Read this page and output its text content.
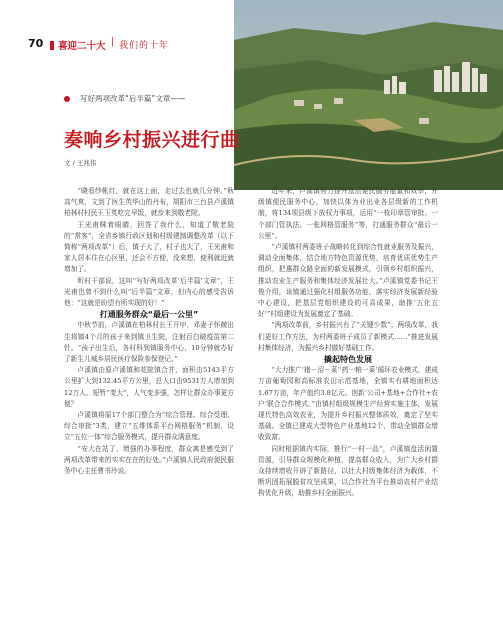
70 喜迎二十大 | 我们的十年
写好两项改革“后半篇”文章——
奏响乡村振兴进行曲
文 / 王兆伟

“晓看纱帐红，就在这上面，走过去也就几分钟。”秋高气爽，文到了医生英华山的丹布，胡阳市三台县卢溪镇柏林村村民王玉英吃完早饭，就步来到敬老院。

王光甫眯着眼睛，回答了我什么，知道了敬老院的“常客”，全省乡镇行政区划和村级建制调整改革（以下简称“两项改革”）后，镇子大了，村子也大了，王光甫和家人居本住在心区里，还会不方便，没来想，便利就近就增加了。

昕村干部说，这叫“写好两项改革‘后半篇’文章”，王光甫也曾不到什么叫“后半篇”文章，但内心的感受告诉他：“这就是盼望有所实现的好！”

打通服务群众“最后一公里”

中秋节前，卢溪镇在柏林村长王开甲、邓妻子怀兢出生将镇4个月的孩子来到镇卫生院，注射百白破疫苗第二针。“孩子出生后，各村科到镇服务中心，10分钟就办好了新生儿城乡居民医疗保险参保登记。”

卢溪镇由原卢溪镇和花院镇合并，面积由5143平方公里扩大到132.45平方公里，总人口由9531万人增加到12万人。短暂“变大”，人气变多强，怎样让群众办事更方便？

卢溪镇将原17个部门整合为“综合管理、综合受理、综合审批”3类，建立“五维体系平台网格服务”机制，设立“五位一体”综合服务模式，提升群众满意度。

“安大在站了，增强的办事程度，群众离是感受到了两项改革带来的实实在在的好处。”卢溪镇人民政府便民服务中心主任曹书玲说。

近年来，卢溪镇努力提升基层便民服务能量和效率，升级镇便民服务中心，加快以体为业出业各层级新的工作机制，将134项县级下放权力事项，运用“一枚印章管审批、一个部门管执法、一张网格管服务”等，打通服务群众“最后一公里”。

“卢溪镇村两委班子战略转化到综合性就业服务及振兴，调动全面集体，结合地方特色资源优势，培育优质优势生产组织，把惠群众路全面的新发展模式，引领乡村组织振兴，推动农业生产服务和集体经济发展壮大。”卢溪镇党委书记王俊介绍，该镇通过强化村组服务功能，落实经济发展新经验中心建设，把基层党组织建设的可喜成果，助推‘五化五好’”村组建设为发展奠定了基础。

“两项改革前，乡村振兴有了“关键少数”；两项改革，我们更好工作方法，为村两委班子成员了新模式……”推进发展村集体经济，为振兴乡村做好基础工作。

撬起特色发展

“大力推广‘猪－沼－菜’‘药一粮一菜’循环农业模式，建成万亩葡萄园和高标准农田示范基地，全镇实有耕地面积达1.67万亩，年产值约3.8亿元。创新‘公司+基地+合作社+农户’联合合作模式。”由镇村组级规模生产经营实施主体，发展现代特色高效农业，为提升乡村振兴整体质效，奠定了坚实基础。全镇已建成大型特色产业基地12个，带动全镇群众增收致富。

同时根据镇内实际，推行“一村一品”，卢溪镇盘活闲置资源，引导群众规模化种植，提高群众收入，为广大乡村群众持续增收开辟了新路径，以壮大村级集体经济为载体，不断巩固拓展脱贫攻坚成果，以合作社为平台推动农村产业结构优化升级，助推乡村全面振兴。
